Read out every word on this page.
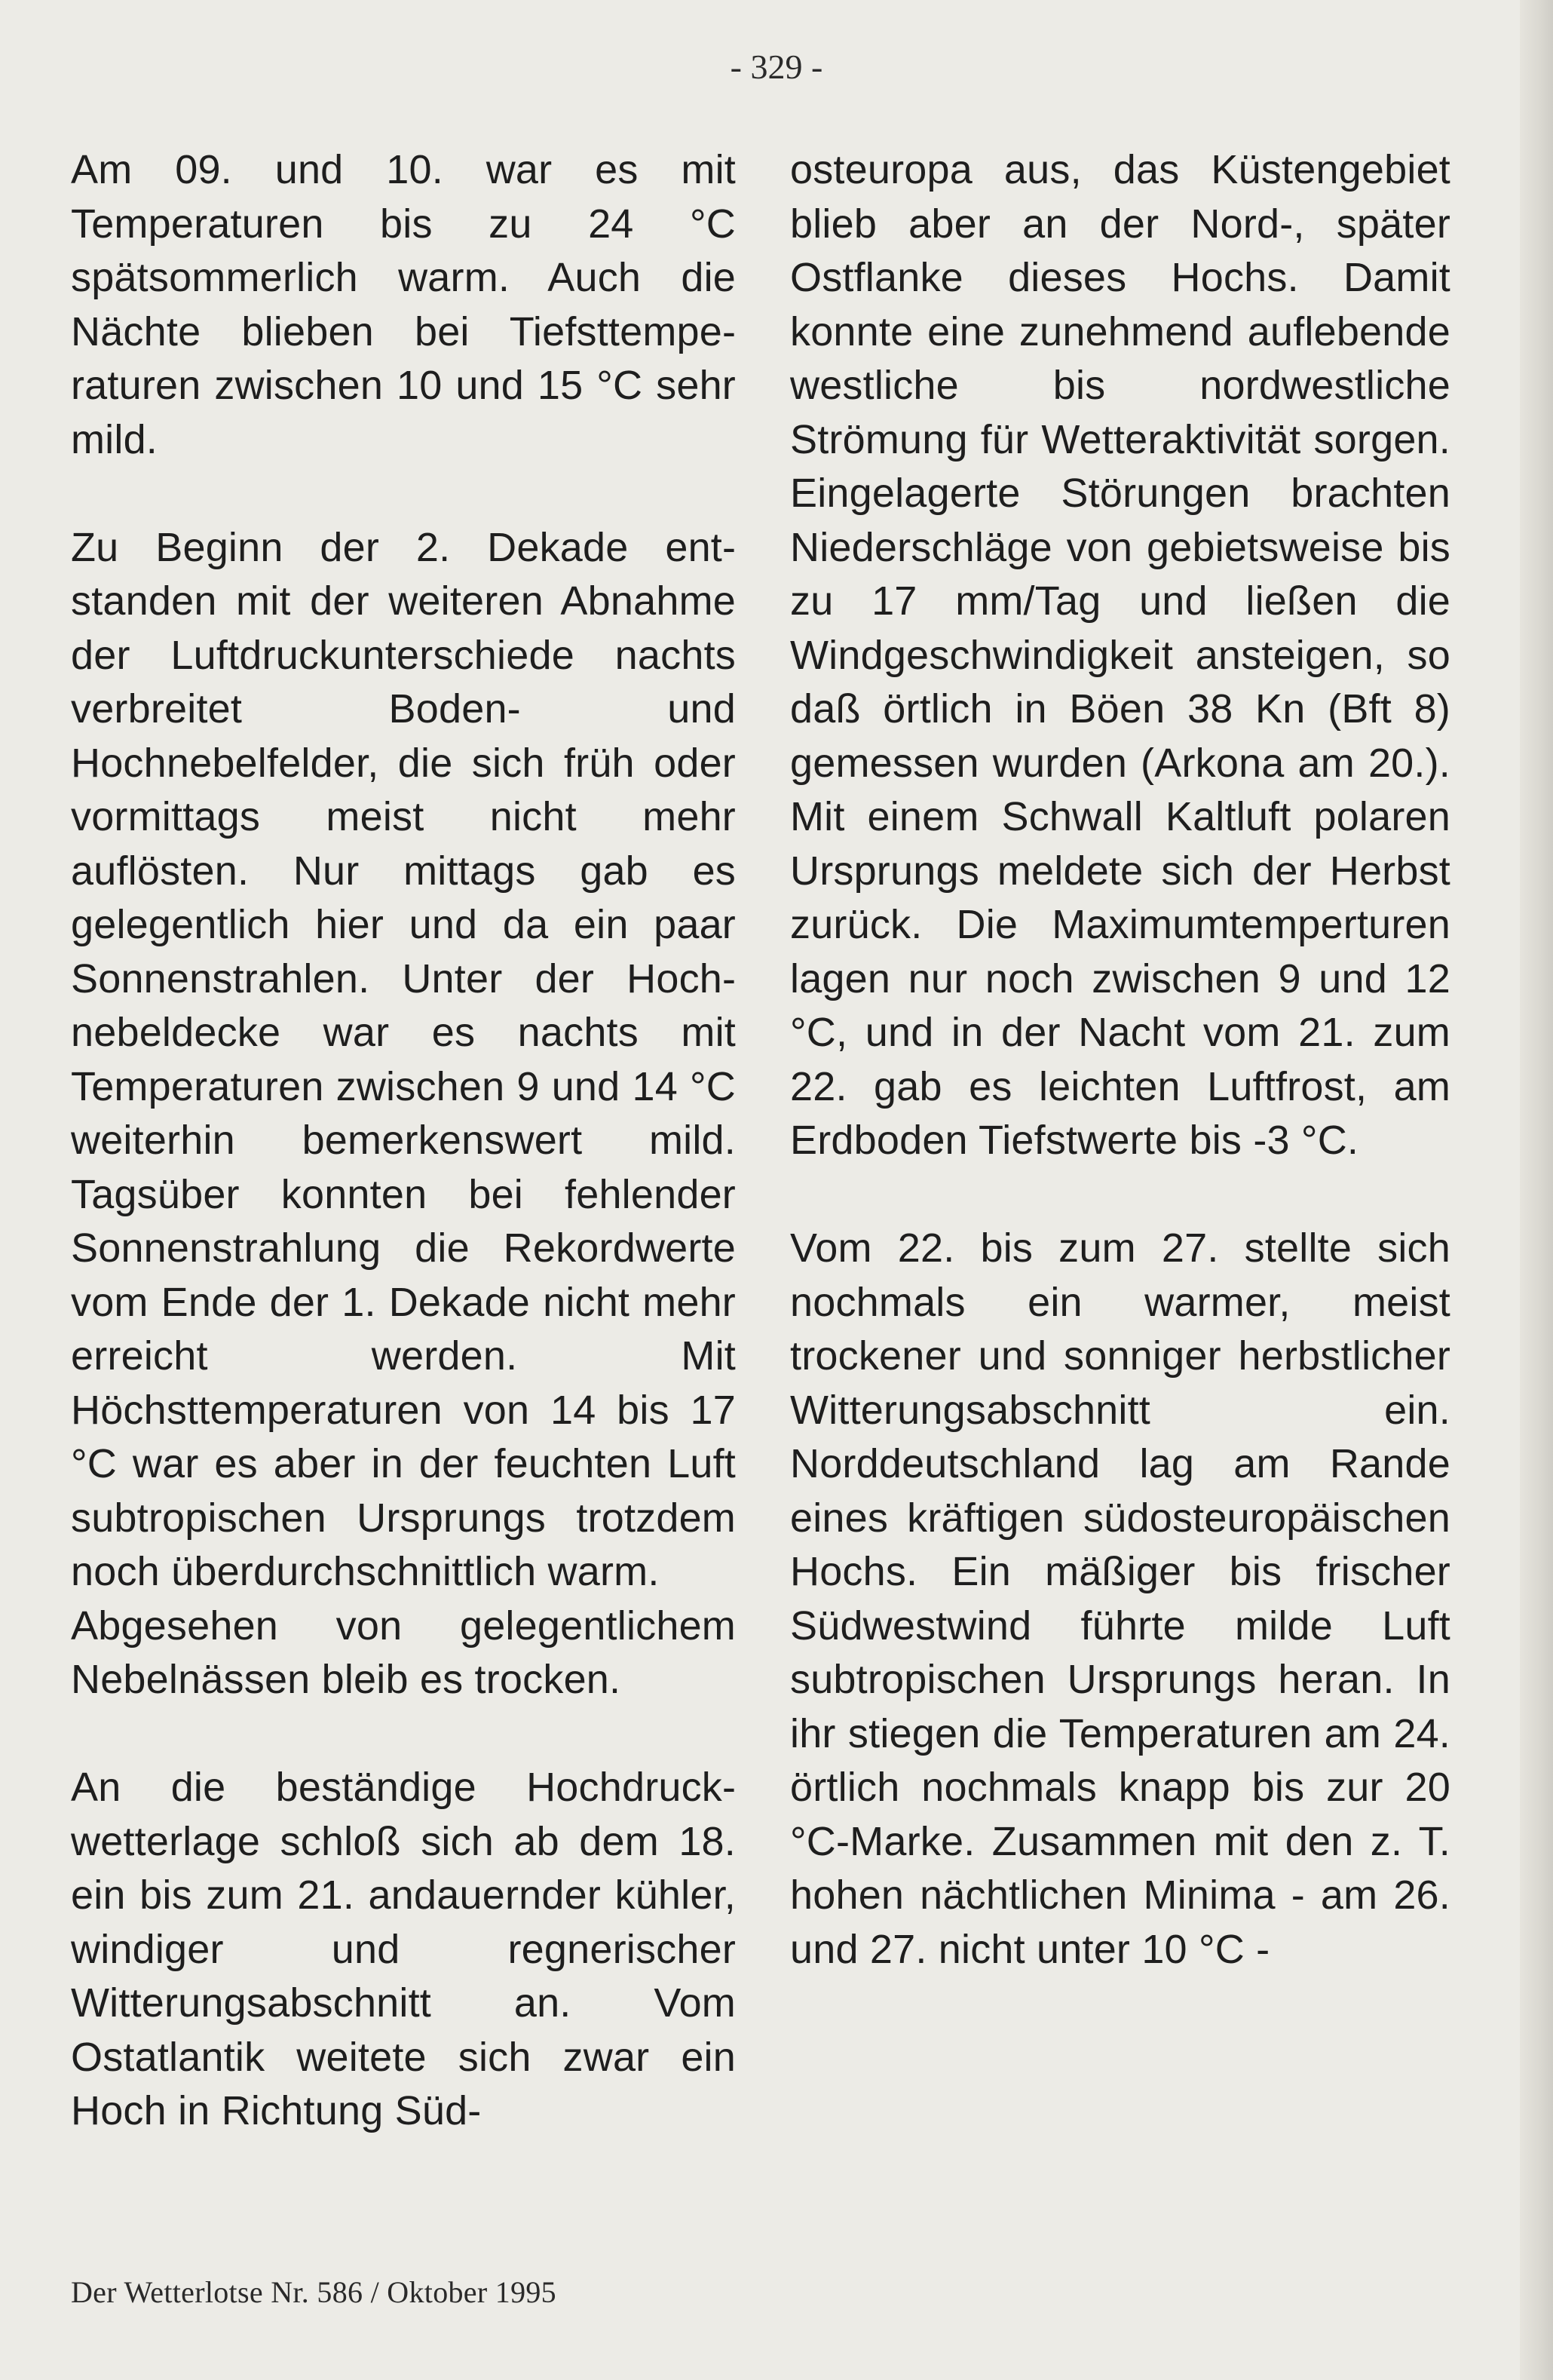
- 329 -

Am 09. und 10. war es mit Temperaturen bis zu 24 °C spätsommerlich warm. Auch die Nächte blieben bei Tiefsttemperaturen zwischen 10 und 15 °C sehr mild.

Zu Beginn der 2. Dekade entstanden mit der weiteren Abnahme der Luftdruckunterschiede nachts verbreitet Boden- und Hochnebelfelder, die sich früh oder vormittags meist nicht mehr auflösten. Nur mittags gab es gelegentlich hier und da ein paar Sonnenstrahlen. Unter der Hochnebeldecke war es nachts mit Temperaturen zwischen 9 und 14 °C weiterhin bemerkenswert mild. Tagsüber konnten bei fehlender Sonnenstrahlung die Rekordwerte vom Ende der 1. Dekade nicht mehr erreicht werden. Mit Höchsttemperaturen von 14 bis 17 °C war es aber in der feuchten Luft subtropischen Ursprungs trotzdem noch überdurchschnittlich warm.

Abgesehen von gelegentlichem Nebelnässen bleib es trocken.

An die beständige Hochdruckwetterlage schloß sich ab dem 18. ein bis zum 21. andauernder kühler, windiger und regnerischer Witterungsabschnitt an. Vom Ostatlantik weitete sich zwar ein Hoch in Richtung Süd-

osteuropa aus, das Küstengebiet blieb aber an der Nord-, später Ostflanke dieses Hochs. Damit konnte eine zunehmend auflebende westliche bis nordwestliche Strömung für Wetteraktivität sorgen. Eingelagerte Störungen brachten Niederschläge von gebietsweise bis zu 17 mm/Tag und ließen die Windgeschwindigkeit ansteigen, so daß örtlich in Böen 38 Kn (Bft 8) gemessen wurden (Arkona am 20.). Mit einem Schwall Kaltluft polaren Ursprungs meldete sich der Herbst zurück. Die Maximumtemperturen lagen nur noch zwischen 9 und 12 °C, und in der Nacht vom 21. zum 22. gab es leichten Luftfrost, am Erdboden Tiefstwerte bis -3 °C.

Vom 22. bis zum 27. stellte sich nochmals ein warmer, meist trockener und sonniger herbstlicher Witterungsabschnitt ein. Norddeutschland lag am Rande eines kräftigen südosteuropäischen Hochs. Ein mäßiger bis frischer Südwestwind führte milde Luft subtropischen Ursprungs heran. In ihr stiegen die Temperaturen am 24. örtlich nochmals knapp bis zur 20 °C-Marke. Zusammen mit den z. T. hohen nächtlichen Minima - am 26. und 27. nicht unter 10 °C -

Der Wetterlotse Nr. 586 / Oktober 1995
